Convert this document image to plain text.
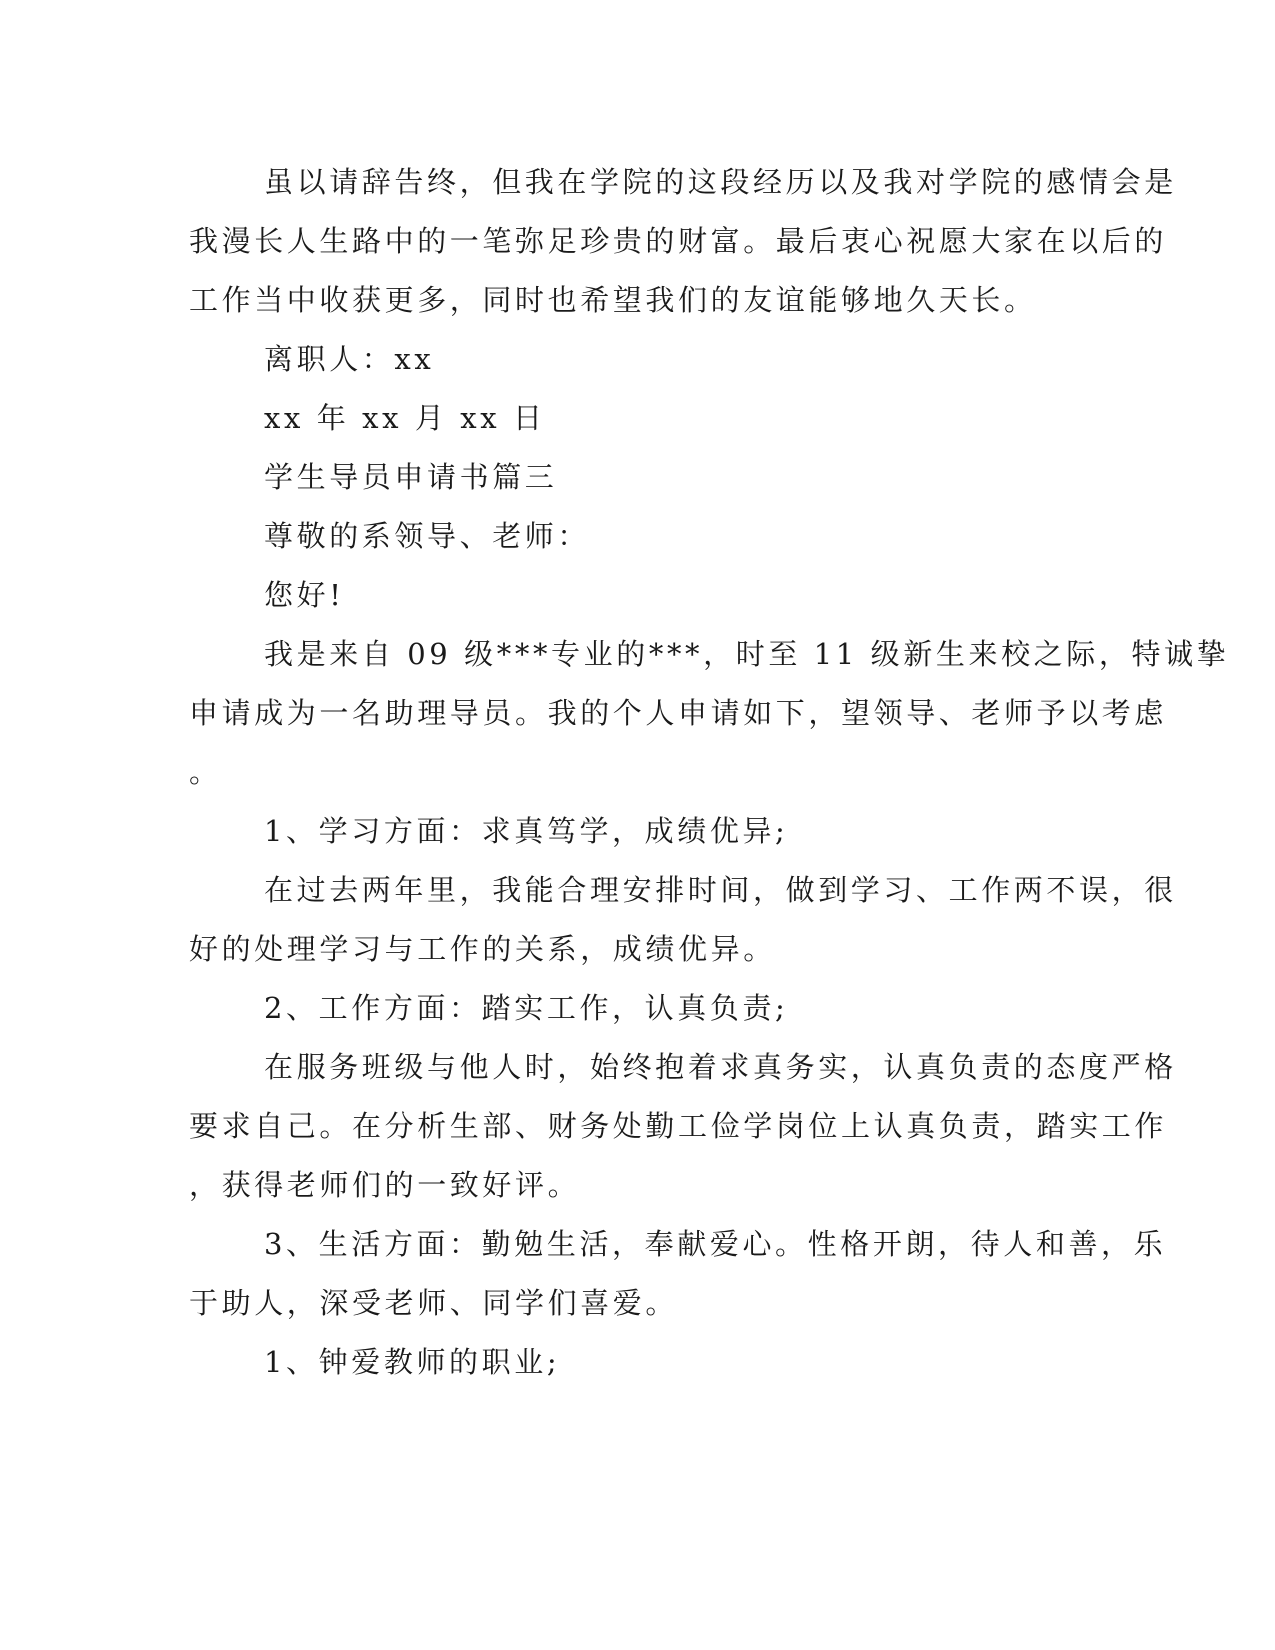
虽以请辞告终，但我在学院的这段经历以及我对学院的感情会是
我漫长人生路中的一笔弥足珍贵的财富。最后衷心祝愿大家在以后的
工作当中收获更多，同时也希望我们的友谊能够地久天长。
离职人：xx
xx 年 xx 月 xx 日
学生导员申请书篇三
尊敬的系领导、老师：
您好!
我是来自 09 级***专业的***，时至 11 级新生来校之际，特诚挚
申请成为一名助理导员。我的个人申请如下，望领导、老师予以考虑
。
1、学习方面：求真笃学，成绩优异;
在过去两年里，我能合理安排时间，做到学习、工作两不误，很
好的处理学习与工作的关系，成绩优异。
2、工作方面：踏实工作，认真负责;
在服务班级与他人时，始终抱着求真务实，认真负责的态度严格
要求自己。在分析生部、财务处勤工俭学岗位上认真负责，踏实工作
，获得老师们的一致好评。
3、生活方面：勤勉生活，奉献爱心。性格开朗，待人和善，乐
于助人，深受老师、同学们喜爱。
1、钟爱教师的职业;
